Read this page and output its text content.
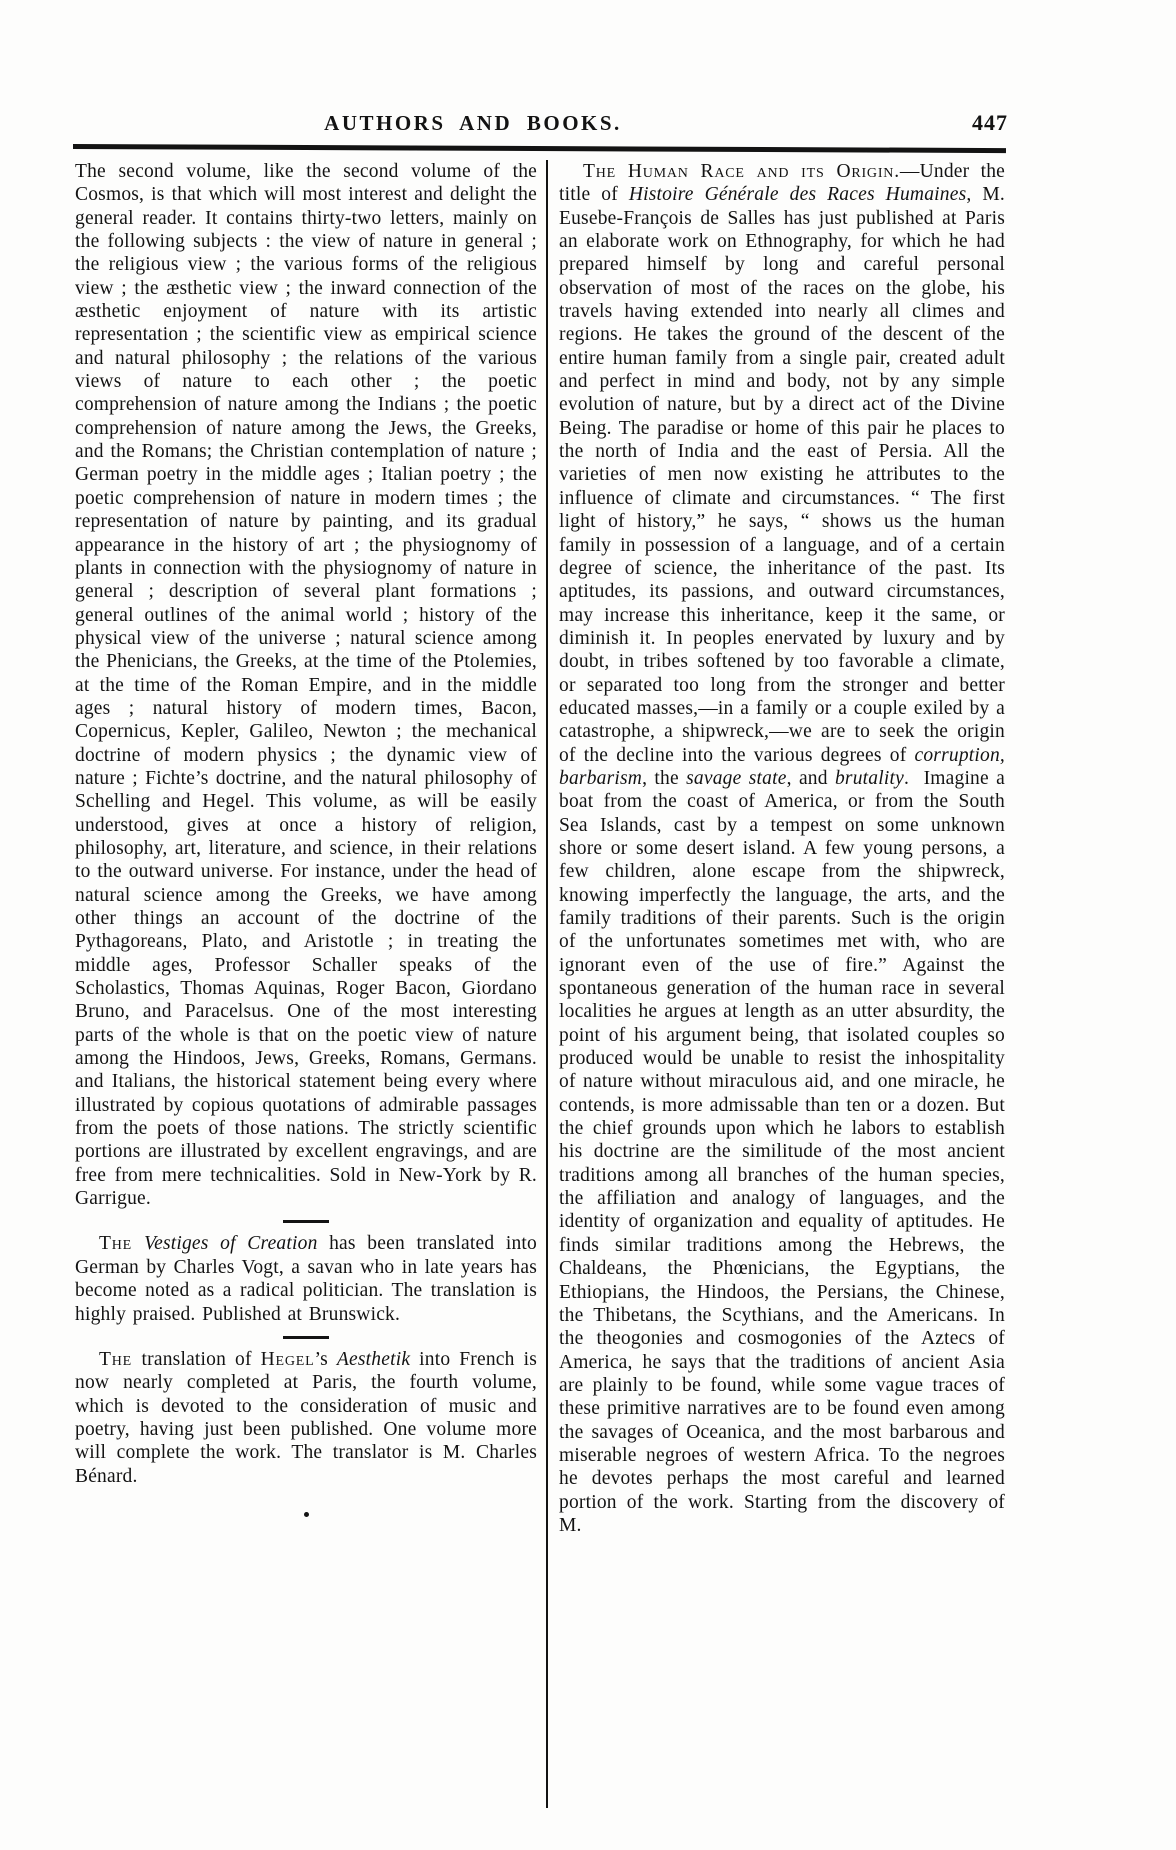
AUTHORS AND BOOKS.	447

The second volume, like the second volume of the Cosmos, is that which will most interest and delight the general reader. It contains thirty-two letters, mainly on the following subjects : the view of nature in general ; the religious view ; the various forms of the religious view ; the æsthetic view ; the inward connection of the æsthetic enjoyment of nature with its artistic representation ; the scientific view as empirical science and natural philosophy ; the relations of the various views of nature to each other ; the poetic comprehension of nature among the Indians ; the poetic comprehension of nature among the Jews, the Greeks, and the Romans; the Christian contemplation of nature ; German poetry in the middle ages ; Italian poetry ; the poetic comprehension of nature in modern times ; the representation of nature by painting, and its gradual appearance in the history of art ; the physiognomy of plants in connection with the physiognomy of nature in general ; description of several plant formations ; general outlines of the animal world ; history of the physical view of the universe ; natural science among the Phenicians, the Greeks, at the time of the Ptolemies, at the time of the Roman Empire, and in the middle ages ; natural history of modern times, Bacon, Copernicus, Kepler, Galileo, Newton ; the mechanical doctrine of modern physics ; the dynamic view of nature ; Fichte’s doctrine, and the natural philosophy of Schelling and Hegel. This volume, as will be easily understood, gives at once a history of religion, philosophy, art, literature, and science, in their relations to the outward universe. For instance, under the head of natural science among the Greeks, we have among other things an account of the doctrine of the Pythagoreans, Plato, and Aristotle ; in treating the middle ages, Professor Schaller speaks of the Scholastics, Thomas Aquinas, Roger Bacon, Giordano Bruno, and Paracelsus. One of the most interesting parts of the whole is that on the poetic view of nature among the Hindoos, Jews, Greeks, Romans, Germans. and Italians, the historical statement being every where illustrated by copious quotations of admirable passages from the poets of those nations. The strictly scientific portions are illustrated by excellent engravings, and are free from mere technicalities. Sold in New-York by R. Garrigue.

The Vestiges of Creation has been translated into German by Charles Vogt, a savan who in late years has become noted as a radical politician. The translation is highly praised. Published at Brunswick.

The translation of Hegel’s Aesthetik into French is now nearly completed at Paris, the fourth volume, which is devoted to the consideration of music and poetry, having just been published. One volume more will complete the work. The translator is M. Charles Bénard.

The Human Race and its Origin.—Under the title of Histoire Générale des Races Humaines, M. Eusebe-François de Salles has just published at Paris an elaborate work on Ethnography, for which he had prepared himself by long and careful personal observation of most of the races on the globe, his travels having extended into nearly all climes and regions. He takes the ground of the descent of the entire human family from a single pair, created adult and perfect in mind and body, not by any simple evolution of nature, but by a direct act of the Divine Being. The paradise or home of this pair he places to the north of India and the east of Persia. All the varieties of men now existing he attributes to the influence of climate and circumstances. “ The first light of history,” he says, “ shows us the human family in possession of a language, and of a certain degree of science, the inheritance of the past. Its aptitudes, its passions, and outward circumstances, may increase this inheritance, keep it the same, or diminish it. In peoples enervated by luxury and by doubt, in tribes softened by too favorable a climate, or separated too long from the stronger and better educated masses,—in a family or a couple exiled by a catastrophe, a shipwreck,—we are to seek the origin of the decline into the various degrees of corruption, barbarism, the savage state, and brutality.  Imagine a boat from the coast of America, or from the South Sea Islands, cast by a tempest on some unknown shore or some desert island. A few young persons, a few children, alone escape from the shipwreck, knowing imperfectly the language, the arts, and the family traditions of their parents. Such is the origin of the unfortunates sometimes met with, who are ignorant even of the use of fire.” Against the spontaneous generation of the human race in several localities he argues at length as an utter absurdity, the point of his argument being, that isolated couples so produced would be unable to resist the inhospitality of nature without miraculous aid, and one miracle, he contends, is more admissable than ten or a dozen. But the chief grounds upon which he labors to establish his doctrine are the similitude of the most ancient traditions among all branches of the human species, the affiliation and analogy of languages, and the identity of organization and equality of aptitudes. He finds similar traditions among the Hebrews, the Chaldeans, the Phœnicians, the Egyptians, the Ethiopians, the Hindoos, the Persians, the Chinese, the Thibetans, the Scythians, and the Americans. In the theogonies and cosmogonies of the Aztecs of America, he says that the traditions of ancient Asia are plainly to be found, while some vague traces of these primitive narratives are to be found even among the savages of Oceanica, and the most barbarous and miserable negroes of western Africa. To the negroes he devotes perhaps the most careful and learned portion of the work. Starting from the discovery of M.
